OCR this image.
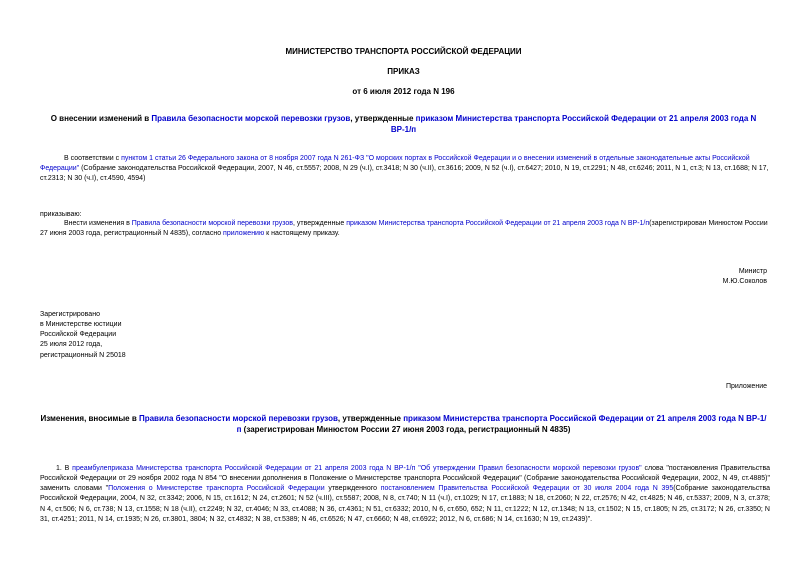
МИНИСТЕРСТВО ТРАНСПОРТА РОССИЙСКОЙ ФЕДЕРАЦИИ
ПРИКАЗ
от 6 июля 2012 года N 196
О внесении изменений в Правила безопасности морской перевозки грузов, утвержденные приказом Министерства транспорта Российской Федерации от 21 апреля 2003 года N ВР-1/п
В соответствии с пунктом 1 статьи 26 Федерального закона от 8 ноября 2007 года N 261-ФЗ "О морских портах в Российской Федерации и о внесении изменений в отдельные законодательные акты Российской Федерации" (Собрание законодательства Российской Федерации, 2007, N 46, ст.5557; 2008, N 29 (ч.I), ст.3418; N 30 (ч.II), ст.3616; 2009, N 52 (ч.I), ст.6427; 2010, N 19, ст.2291; N 48, ст.6246; 2011, N 1, ст.3; N 13, ст.1688; N 17, ст.2313; N 30 (ч.I), ст.4590, 4594)
приказываю:
Внести изменения в Правила безопасности морской перевозки грузов, утвержденные приказом Министерства транспорта Российской Федерации от 21 апреля 2003 года N ВР-1/п(зарегистрирован Минюстом России 27 июня 2003 года, регистрационный N 4835), согласно приложению к настоящему приказу.
Министр
М.Ю.Соколов
Зарегистрировано
в Министерстве юстиции
Российской Федерации
25 июля 2012 года,
регистрационный N 25018
Приложение
Изменения, вносимые в Правила безопасности морской перевозки грузов, утвержденные приказом Министерства транспорта Российской Федерации от 21 апреля 2003 года N ВР-1/п (зарегистрирован Минюстом России 27 июня 2003 года, регистрационный N 4835)
1. В преамбулеприказа Министерства транспорта Российской Федерации от 21 апреля 2003 года N ВР-1/п "Об утверждении Правил безопасности морской перевозки грузов" слова "постановления Правительства Российской Федерации от 29 ноября 2002 года N 854 "О внесении дополнения в Положение о Министерстве транспорта Российской Федерации" (Собрание законодательства Российской Федерации, 2002, N 49, ст.4885)" заменить словами "Положения о Министерстве транспорта Российской Федерации утвержденного постановлением Правительства Российской Федерации от 30 июля 2004 года N 395(Собрание законодательства Российской Федерации, 2004, N 32, ст.3342; 2006, N 15, ст.1612; N 24, ст.2601; N 52 (ч.III), ст.5587; 2008, N 8, ст.740; N 11 (ч.I), ст.1029; N 17, ст.1883; N 18, ст.2060; N 22, ст.2576; N 42, ст.4825; N 46, ст.5337; 2009, N 3, ст.378; N 4, ст.506; N 6, ст.738; N 13, ст.1558; N 18 (ч.II), ст.2249; N 32, ст.4046; N 33, ст.4088; N 36, ст.4361; N 51, ст.6332; 2010, N 6, ст.650, 652; N 11, ст.1222; N 12, ст.1348; N 13, ст.1502; N 15, ст.1805; N 25, ст.3172; N 26, ст.3350; N 31, ст.4251; 2011, N 14, ст.1935; N 26, ст.3801, 3804; N 32, ст.4832; N 38, ст.5389; N 46, ст.6526; N 47, ст.6660; N 48, ст.6922; 2012, N 6, ст.686; N 14, ст.1630; N 19, ст.2439)".
